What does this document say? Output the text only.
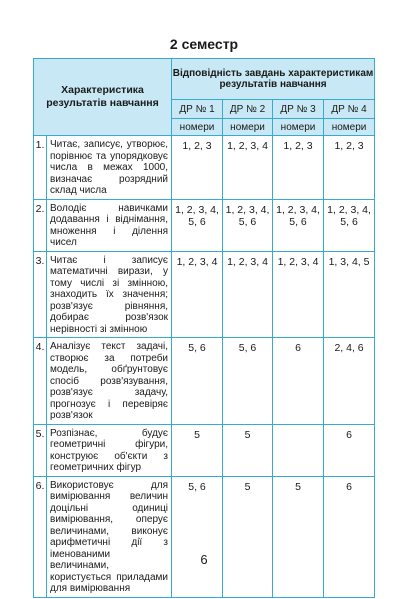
2 семестр
Характеристика результатів навчання		Відповідність завдань характеристикам результатів навчання			
		ДР № 1	ДР № 2	ДР № 3	ДР № 4
		номери	номери	номери	номери
1.	Читає, записує, утворює, порівнює та упорядковує числа в межах 1000, визначає розрядний склад числа	1, 2, 3	1, 2, 3, 4	1, 2, 3	1, 2, 3
2.	Володіє навичками додавання і віднімання, множення і ділення чисел	1, 2, 3, 4, 5, 6	1, 2, 3, 4, 5, 6	1, 2, 3, 4, 5, 6	1, 2, 3, 4, 5, 6
3.	Читає і записує математичні вирази, у тому числі зі змінною, знаходить їх значення; розв'язує рівняння, добирає розв'язок нерівності зі змінною	1, 2, 3, 4	1, 2, 3, 4	1, 2, 3, 4	1, 3, 4, 5
4.	Аналізує текст задачі, створює за потреби модель, обґрунтовує спосіб розв'язування, розв'язує задачу, прогнозує і перевіряє розв'язок	5, 6	5, 6	6	2, 4, 6
5.	Розпізнає, будує геометричні фігури, конструює об'єкти з геометричних фігур	5	5		6
6.	Використовує для вимірювання величин доцільні одиниці вимірювання, оперує величинами, виконує арифметичні дії з іменованими величинами, користується приладами для вимірювання	5, 6	5	5	6
6
